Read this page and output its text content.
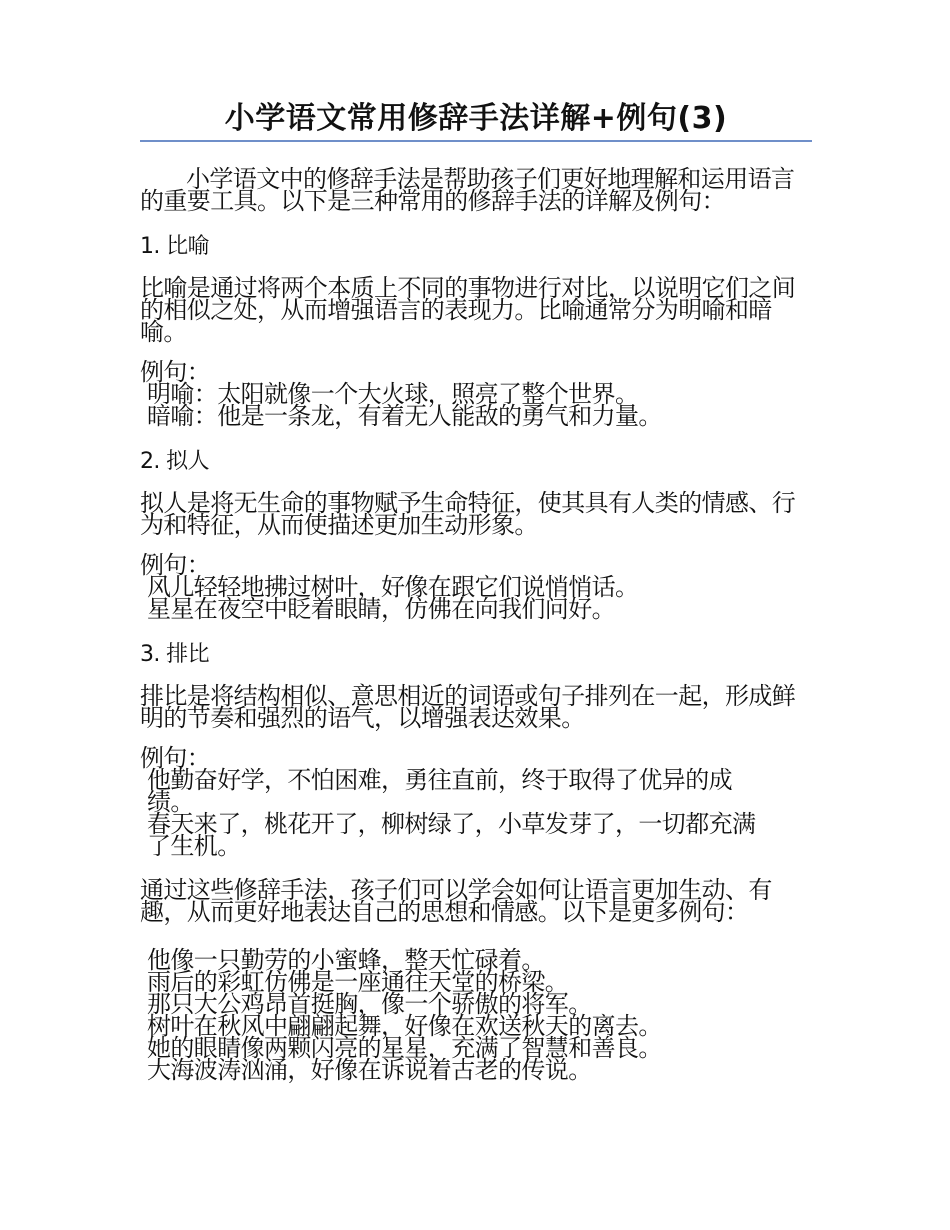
小学语文常用修辞手法详解+例句(3)

小学语文中的修辞手法是帮助孩子们更好地理解和运用语言的重要工具。以下是三种常用的修辞手法的详解及例句：

1. 比喻

比喻是通过将两个本质上不同的事物进行对比，以说明它们之间的相似之处，从而增强语言的表现力。比喻通常分为明喻和暗喻。

例句：

明喻：太阳就像一个大火球，照亮了整个世界。
暗喻：他是一条龙，有着无人能敌的勇气和力量。

2. 拟人

拟人是将无生命的事物赋予生命特征，使其具有人类的情感、行为和特征，从而使描述更加生动形象。

例句：

风儿轻轻地拂过树叶，好像在跟它们说悄悄话。
星星在夜空中眨着眼睛，仿佛在向我们问好。

3. 排比

排比是将结构相似、意思相近的词语或句子排列在一起，形成鲜明的节奏和强烈的语气，以增强表达效果。

例句：

他勤奋好学，不怕困难，勇往直前，终于取得了优异的成绩。
春天来了，桃花开了，柳树绿了，小草发芽了，一切都充满了生机。

通过这些修辞手法，孩子们可以学会如何让语言更加生动、有趣，从而更好地表达自己的思想和情感。以下是更多例句：

他像一只勤劳的小蜜蜂，整天忙碌着。
雨后的彩虹仿佛是一座通往天堂的桥梁。
那只大公鸡昂首挺胸，像一个骄傲的将军。
树叶在秋风中翩翩起舞，好像在欢送秋天的离去。
她的眼睛像两颗闪亮的星星，充满了智慧和善良。
大海波涛汹涌，好像在诉说着古老的传说。
